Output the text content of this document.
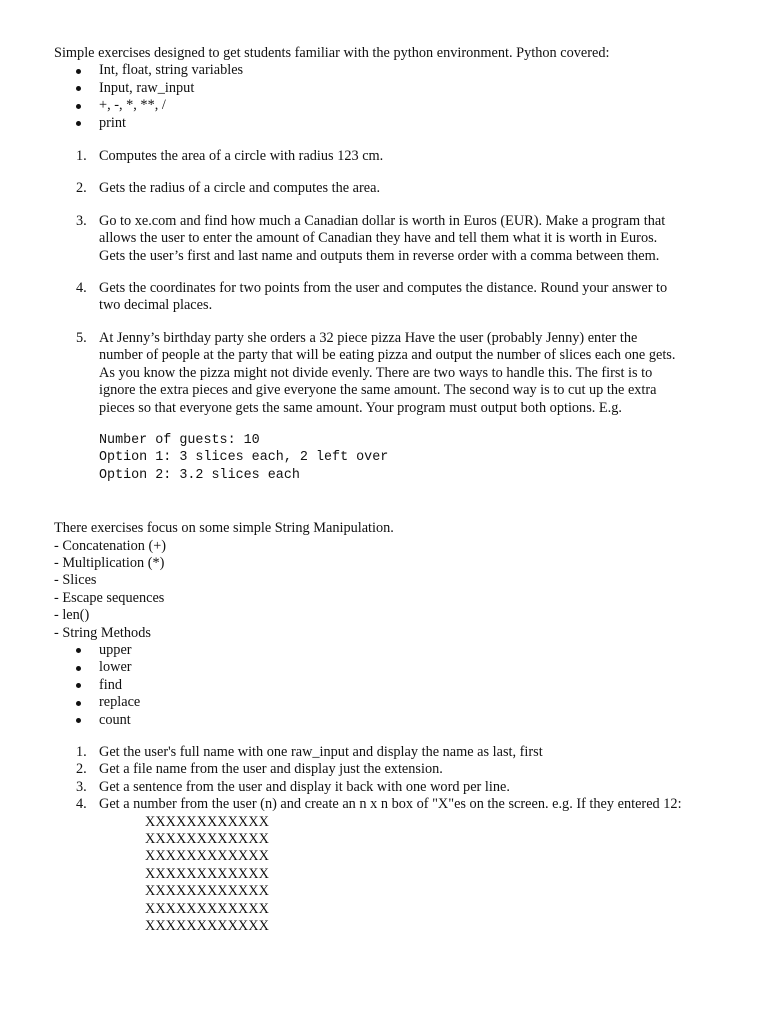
Simple exercises designed to get students familiar with the python environment. Python covered:
Int, float, string variables
Input, raw_input
+, -, *, **, /
print
1. Computes the area of a circle with radius 123 cm.
2. Gets the radius of a circle and computes the area.
3. Go to xe.com and find how much a Canadian dollar is worth in Euros (EUR). Make a program that
allows the user to enter the amount of Canadian they have and tell them what it is worth in Euros.
Gets the user’s first and last name and outputs them in reverse order with a comma between them.
4. Gets the coordinates for two points from the user and computes the distance. Round your answer to
two decimal places.
5. At Jenny’s birthday party she orders a 32 piece pizza Have the user (probably Jenny) enter the
number of people at the party that will be eating pizza and output the number of slices each one gets.
As you know the pizza might not divide evenly. There are two ways to handle this. The first is to
ignore the extra pieces and give everyone the same amount. The second way is to cut up the extra
pieces so that everyone gets the same amount. Your program must output both options. E.g.
Number of guests: 10
Option 1: 3 slices each, 2 left over
Option 2: 3.2 slices each
There exercises focus on some simple String Manipulation.
- Concatenation (+)
- Multiplication (*)
- Slices
- Escape sequences
- len()
- String Methods
upper
lower
find
replace
count
1. Get the user's full name with one raw_input and display the name as last, first
2. Get a file name from the user and display just the extension.
3. Get a sentence from the user and display it back with one word per line.
4. Get a number from the user (n) and create an n x n box of "X"es on the screen. e.g. If they entered 12:
XXXXXXXXXXXX
XXXXXXXXXXXX
XXXXXXXXXXXX
XXXXXXXXXXXX
XXXXXXXXXXXX
XXXXXXXXXXXX
XXXXXXXXXXXX
